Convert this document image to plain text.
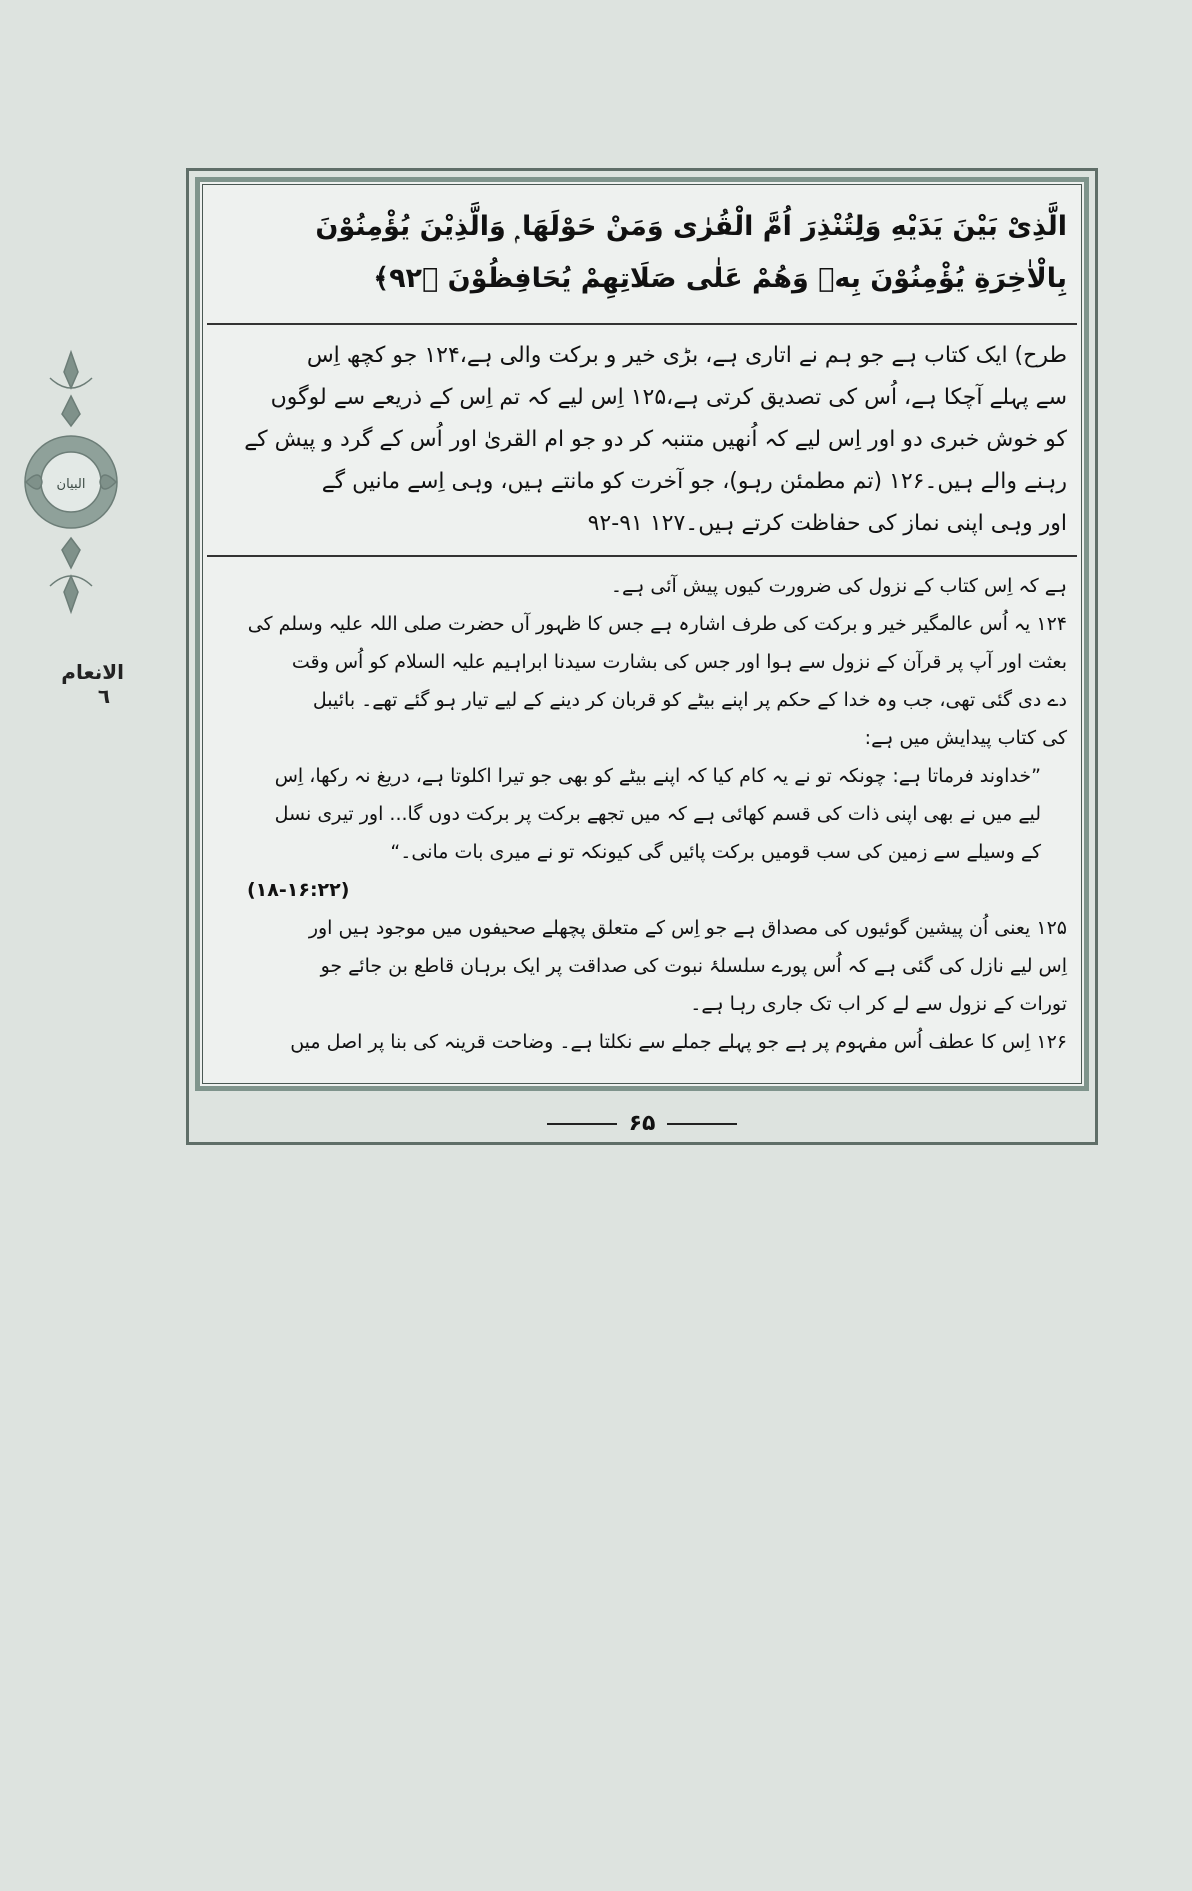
البیان
الانعام
٦
الَّذِیْ بَیْنَ یَدَیْهِ وَلِتُنْذِرَ اُمَّ الْقُرٰی وَمَنْ حَوْلَهَا ۭ وَالَّذِیْنَ یُؤْمِنُوْنَ
بِالْاٰخِرَةِ یُؤْمِنُوْنَ بِهٖ وَهُمْ عَلٰی صَلَاتِهِمْ یُحَافِظُوْنَ ﴿۹۲﴾
طرح) ایک کتاب ہے جو ہم نے اتاری ہے، بڑی خیر و برکت والی ہے،۱۲۴ جو کچھ اِس
سے پہلے آچکا ہے، اُس کی تصدیق کرتی ہے،۱۲۵ اِس لیے کہ تم اِس کے ذریعے سے لوگوں
کو خوش خبری دو اور اِس لیے کہ اُنھیں متنبہ کر دو جو ام القریٰ اور اُس کے گرد و پیش کے
رہنے والے ہیں۔۱۲۶ (تم مطمئن رہو)، جو آخرت کو مانتے ہیں، وہی اِسے مانیں گے
اور وہی اپنی نماز کی حفاظت کرتے ہیں۔۱۲۷ ۹۱-۹۲
ہے کہ اِس کتاب کے نزول کی ضرورت کیوں پیش آئی ہے۔
۱۲۴ یہ اُس عالمگیر خیر و برکت کی طرف اشارہ ہے جس کا ظہور آں حضرت صلی اللہ علیہ وسلم کی
بعثت اور آپ پر قرآن کے نزول سے ہوا اور جس کی بشارت سیدنا ابراہیم علیہ السلام کو اُس وقت
دے دی گئی تھی، جب وہ خدا کے حکم پر اپنے بیٹے کو قربان کر دینے کے لیے تیار ہو گئے تھے۔ بائیبل
کی کتاب پیدایش میں ہے:
”خداوند فرماتا ہے: چونکہ تو نے یہ کام کیا کہ اپنے بیٹے کو بھی جو تیرا اکلوتا ہے، دریغ نہ رکھا، اِس
لیے میں نے بھی اپنی ذات کی قسم کھائی ہے کہ میں تجھے برکت پر برکت دوں گا... اور تیری نسل
کے وسیلے سے زمین کی سب قومیں برکت پائیں گی کیونکہ تو نے میری بات مانی۔“
(۱۸-۱۶:۲۲)
۱۲۵ یعنی اُن پیشین گوئیوں کی مصداق ہے جو اِس کے متعلق پچھلے صحیفوں میں موجود ہیں اور
اِس لیے نازل کی گئی ہے کہ اُس پورے سلسلۂ نبوت کی صداقت پر ایک برہان قاطع بن جائے جو
تورات کے نزول سے لے کر اب تک جاری رہا ہے۔
۱۲۶ اِس کا عطف اُس مفہوم پر ہے جو پہلے جملے سے نکلتا ہے۔ وضاحت قرینہ کی بنا پر اصل میں
۶۵
